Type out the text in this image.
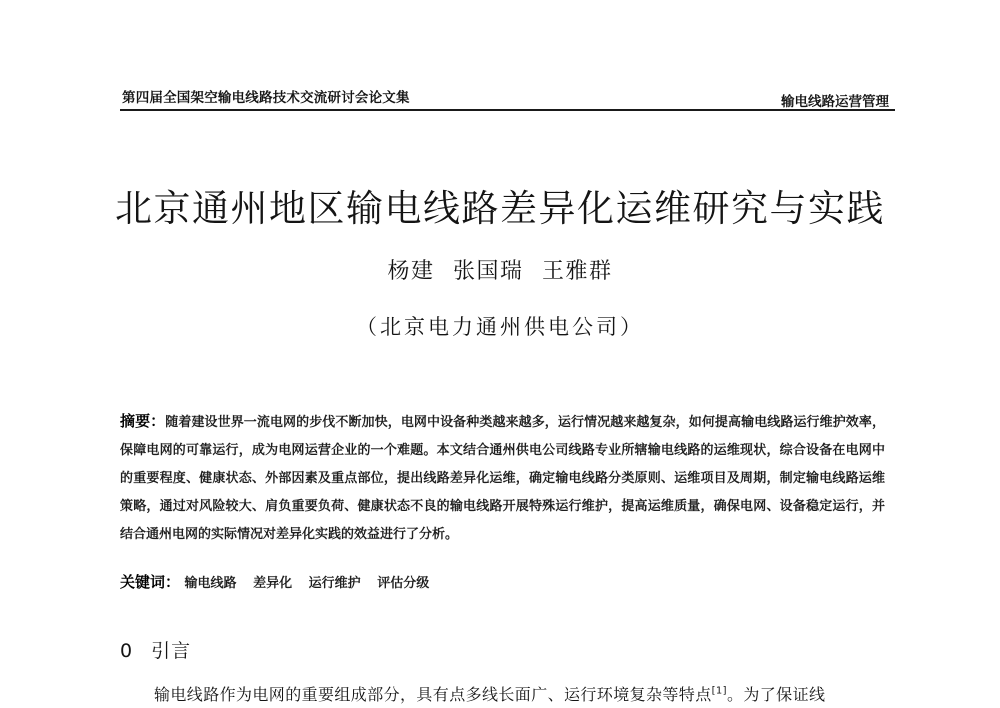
第四届全国架空输电线路技术交流研讨会论文集	输电线路运营管理
北京通州地区输电线路差异化运维研究与实践
杨建 张国瑞 王雅群
（北京电力通州供电公司）
摘要：随着建设世界一流电网的步伐不断加快，电网中设备种类越来越多，运行情况越来越复杂，如何提高输电线路运行维护效率，保障电网的可靠运行，成为电网运营企业的一个难题。本文结合通州供电公司线路专业所辖输电线路的运维现状，综合设备在电网中的重要程度、健康状态、外部因素及重点部位，提出线路差异化运维，确定输电线路分类原则、运维项目及周期，制定输电线路运维策略，通过对风险较大、肩负重要负荷、健康状态不良的输电线路开展特殊运行维护，提高运维质量，确保电网、设备稳定运行，并结合通州电网的实际情况对差异化实践的效益进行了分析。
关键词： 输电线路 差异化 运行维护 评估分级
0 引言
输电线路作为电网的重要组成部分，具有点多线长面广、运行环境复杂等特点[1]。为了保证线
